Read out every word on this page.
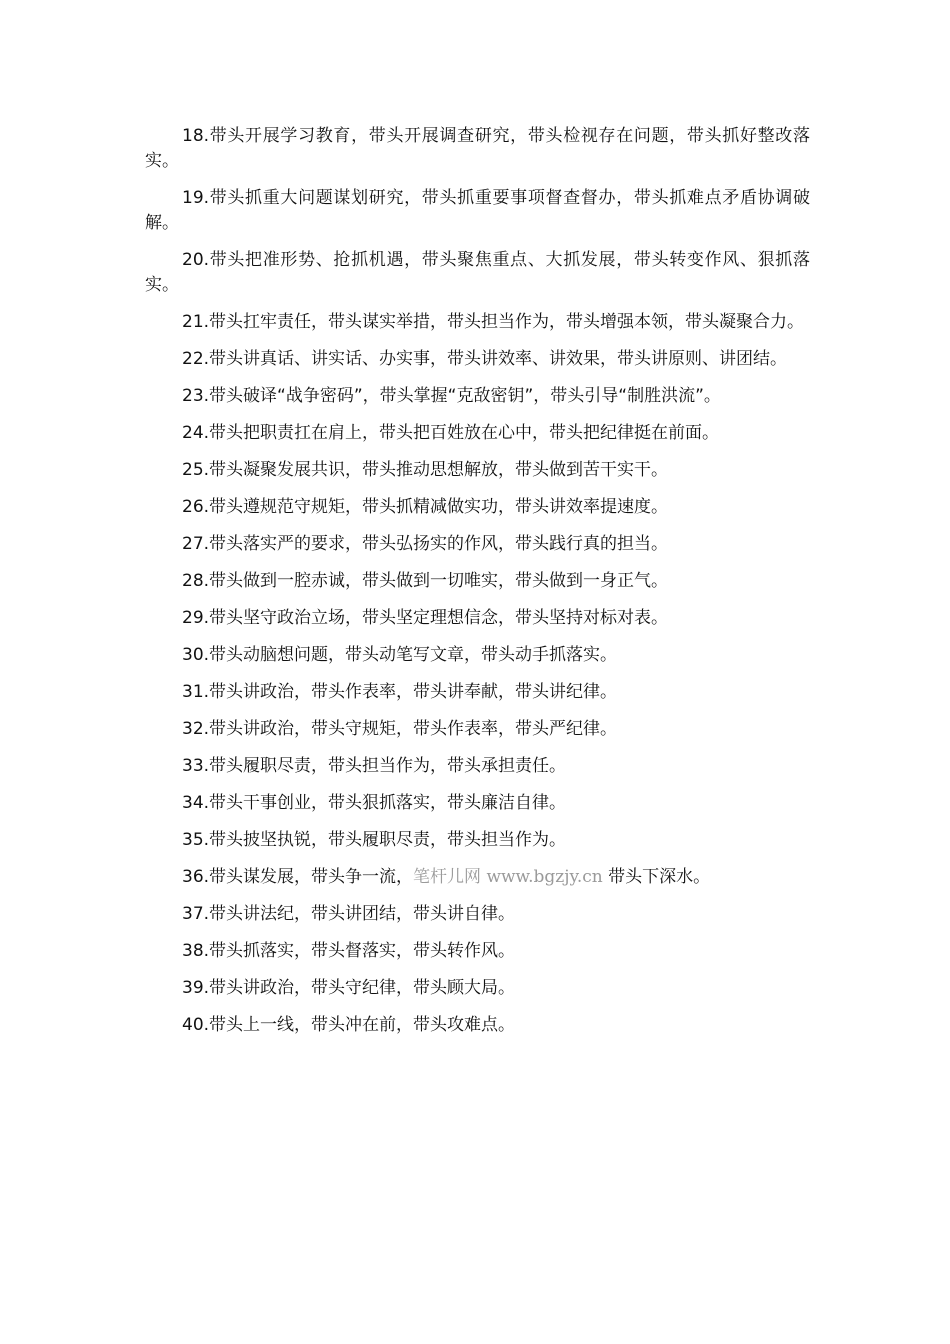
18.带头开展学习教育，带头开展调查研究，带头检视存在问题，带头抓好整改落实。

19.带头抓重大问题谋划研究，带头抓重要事项督查督办，带头抓难点矛盾协调破解。

20.带头把准形势、抢抓机遇，带头聚焦重点、大抓发展，带头转变作风、狠抓落实。

21.带头扛牢责任，带头谋实举措，带头担当作为，带头增强本领，带头凝聚合力。

22.带头讲真话、讲实话、办实事，带头讲效率、讲效果，带头讲原则、讲团结。

23.带头破译“战争密码”，带头掌握“克敌密钥”，带头引导“制胜洪流”。

24.带头把职责扛在肩上，带头把百姓放在心中，带头把纪律挺在前面。

25.带头凝聚发展共识，带头推动思想解放，带头做到苦干实干。

26.带头遵规范守规矩，带头抓精减做实功，带头讲效率提速度。

27.带头落实严的要求，带头弘扬实的作风，带头践行真的担当。

28.带头做到一腔赤诚，带头做到一切唯实，带头做到一身正气。

29.带头坚守政治立场，带头坚定理想信念，带头坚持对标对表。

30.带头动脑想问题，带头动笔写文章，带头动手抓落实。

31.带头讲政治，带头作表率，带头讲奉献，带头讲纪律。

32.带头讲政治，带头守规矩，带头作表率，带头严纪律。

33.带头履职尽责，带头担当作为，带头承担责任。

34.带头干事创业，带头狠抓落实，带头廉洁自律。

35.带头披坚执锐，带头履职尽责，带头担当作为。

36.带头谋发展，带头争一流，笔杆儿网 www.bgzjy.cn 带头下深水。

37.带头讲法纪，带头讲团结，带头讲自律。

38.带头抓落实，带头督落实，带头转作风。

39.带头讲政治，带头守纪律，带头顾大局。

40.带头上一线，带头冲在前，带头攻难点。
